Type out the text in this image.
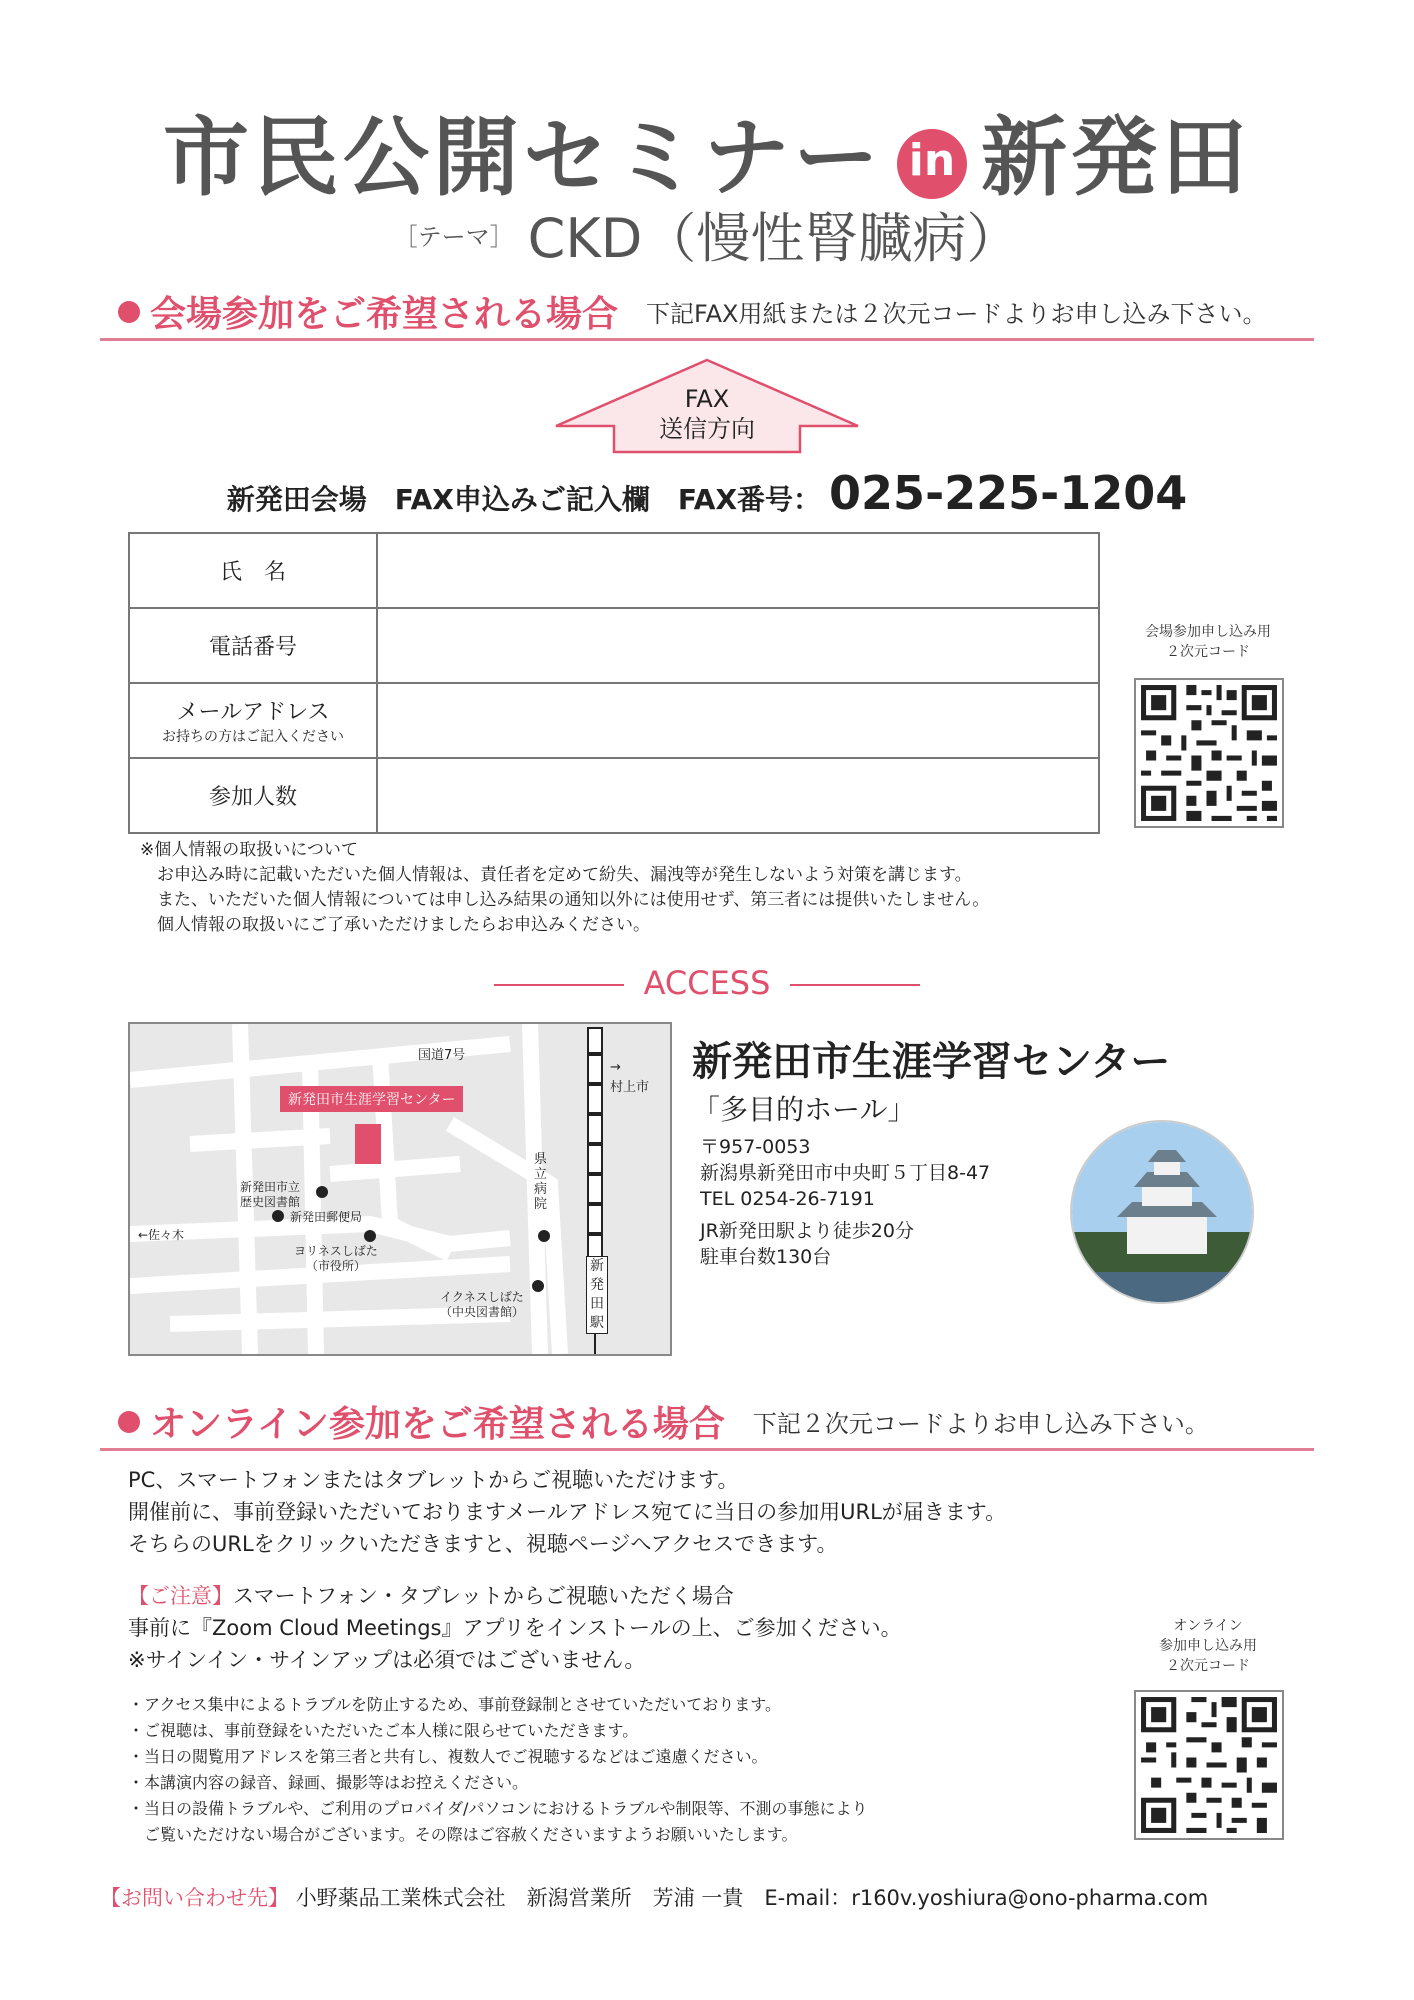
市民公開セミナー in 新発田
［テーマ］ CKD（慢性腎臓病）
会場参加をご希望される場合 下記FAX用紙または２次元コードよりお申し込み下さい。
FAX
送信方向
新発田会場　FAX申込みご記入欄　FAX番号： 025-225-1204
氏　名	
電話番号	
メールアドレス
お持ちの方はご記入ください	

参加人数	
会場参加申し込み用
２次元コード
※個人情報の取扱いについて
　お申込み時に記載いただいた個人情報は、責任者を定めて紛失、漏洩等が発生しないよう対策を講じます。
　また、いただいた個人情報については申し込み結果の通知以外には使用せず、第三者には提供いたしません。
　個人情報の取扱いにご了承いただけましたらお申込みください。
ACCESS
国道7号
→
村上市
新発田市生涯学習センター
新発田市立
歴史図書館
新発田郵便局
←佐々木
ヨリネスしばた
（市役所）
県立病院
新発田駅
イクネスしばた
（中央図書館）
新発田市生涯学習センター
「多目的ホール」
〒957-0053
新潟県新発田市中央町５丁目8-47
TEL 0254-26-7191
JR新発田駅より徒歩20分
駐車台数130台
オンライン参加をご希望される場合 下記２次元コードよりお申し込み下さい。
PC、スマートフォンまたはタブレットからご視聴いただけます。
開催前に、事前登録いただいておりますメールアドレス宛てに当日の参加用URLが届きます。
そちらのURLをクリックいただきますと、視聴ページへアクセスできます。
【ご注意】スマートフォン・タブレットからご視聴いただく場合
事前に『Zoom Cloud Meetings』アプリをインストールの上、ご参加ください。
※サインイン・サインアップは必須ではございません。
・アクセス集中によるトラブルを防止するため、事前登録制とさせていただいております。
・ご視聴は、事前登録をいただいたご本人様に限らせていただきます。
・当日の閲覧用アドレスを第三者と共有し、複数人でご視聴するなどはご遠慮ください。
・本講演内容の録音、録画、撮影等はお控えください。
・当日の設備トラブルや、ご利用のプロバイダ/パソコンにおけるトラブルや制限等、不測の事態により
　ご覧いただけない場合がございます。その際はご容赦くださいますようお願いいたします。
オンライン
参加申し込み用
２次元コード
【お問い合わせ先】 小野薬品工業株式会社　新潟営業所　芳浦 一貴　E-mail：r160v.yoshiura@ono-pharma.com
